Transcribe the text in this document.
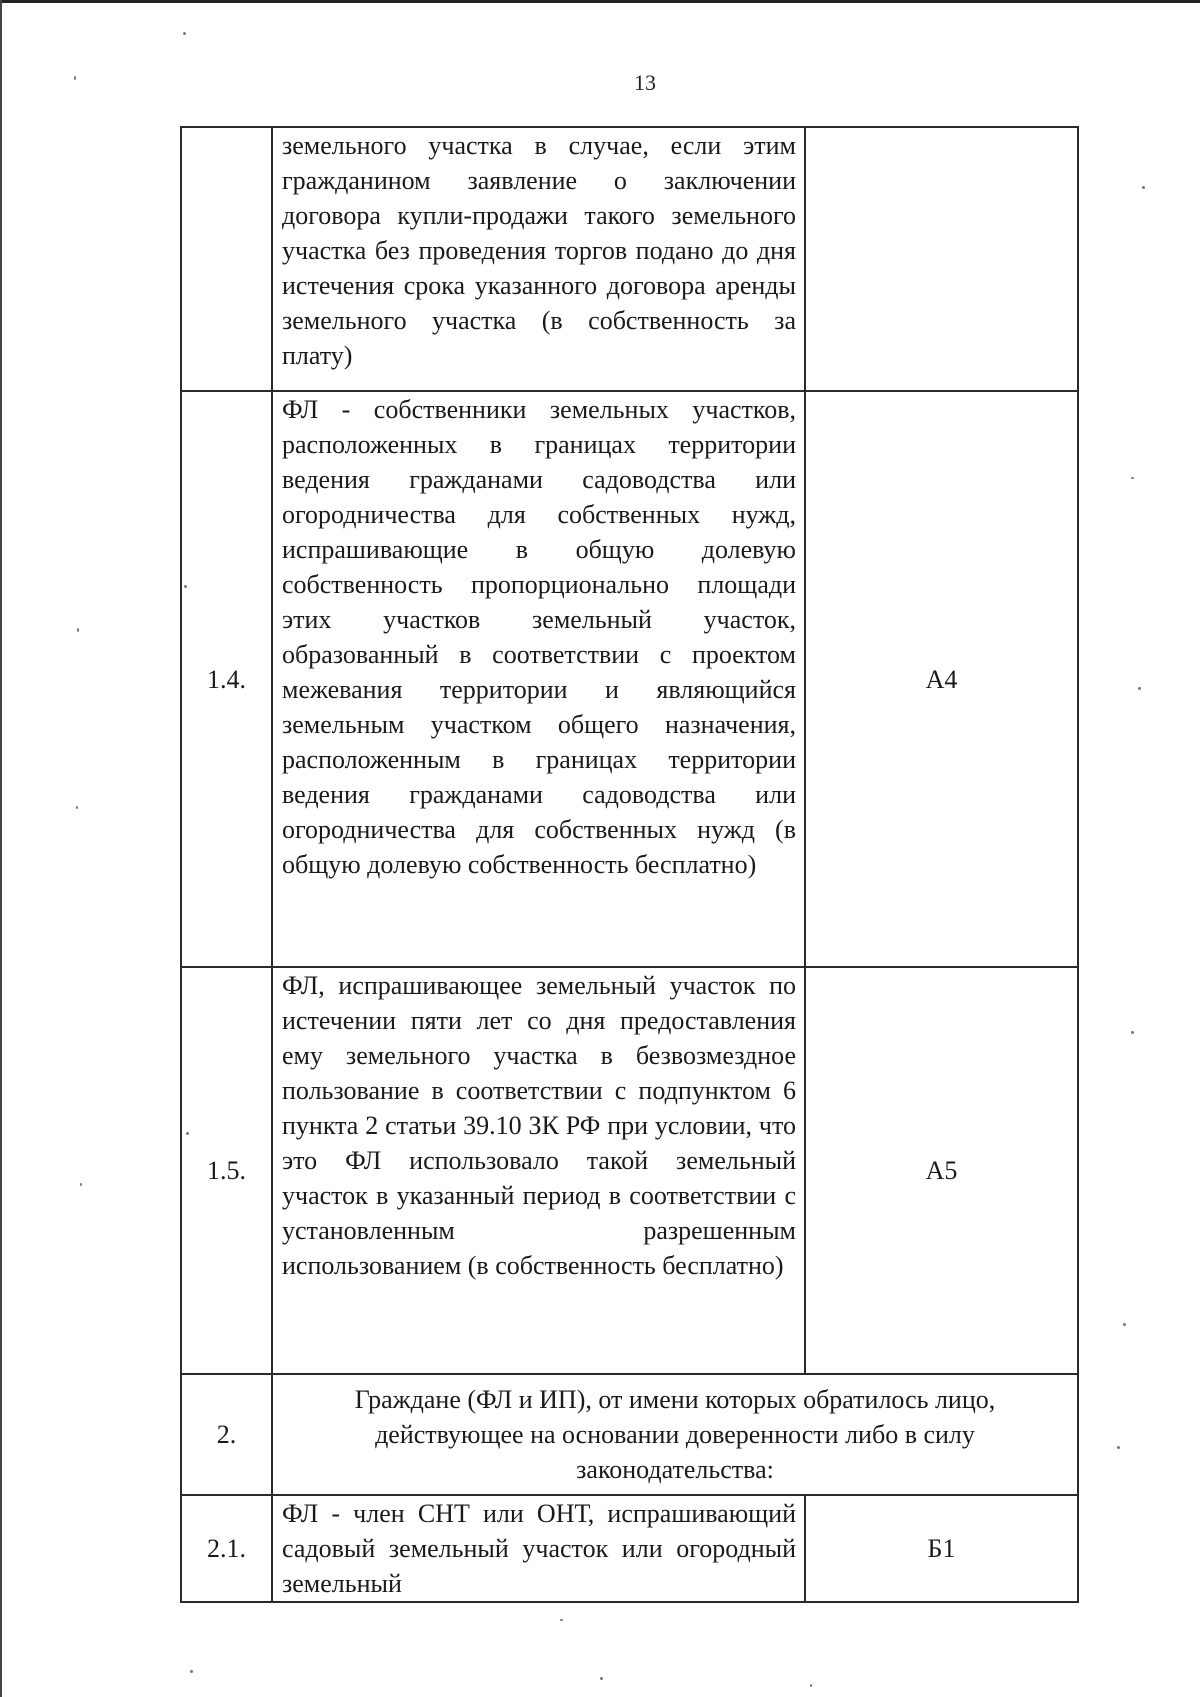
13
	земельного участка в случае, если этим гражданином заявление о заключении договора купли-продажи такого земельного участка без проведения торгов подано до дня истечения срока указанного договора аренды земельного участка (в собственность за плату)	
1.4.	ФЛ - собственники земельных участков, расположенных в границах территории ведения гражданами садоводства или огородничества для собственных нужд, испрашивающие в общую долевую собственность пропорционально площади этих участков земельный участок, образованный в соответствии с проектом межевания территории и являющийся земельным участком общего назначения, расположенным в границах территории ведения гражданами садоводства или огородничества для собственных нужд (в общую долевую собственность бесплатно)	А4
1.5.	ФЛ, испрашивающее земельный участок по истечении пяти лет со дня предоставления ему земельного участка в безвозмездное пользование в соответствии с подпунктом 6 пункта 2 статьи 39.10 ЗК РФ при условии, что это ФЛ использовало такой земельный участок в указанный период в соответствии с установленным разрешенным использованием (в собственность бесплатно)	А5
2.	Граждане (ФЛ и ИП), от имени которых обратилось лицо, действующее на основании доверенности либо в силу законодательства:	
2.1.	ФЛ - член СНТ или ОНТ, испрашивающий садовый земельный участок или огородный земельный	Б1
